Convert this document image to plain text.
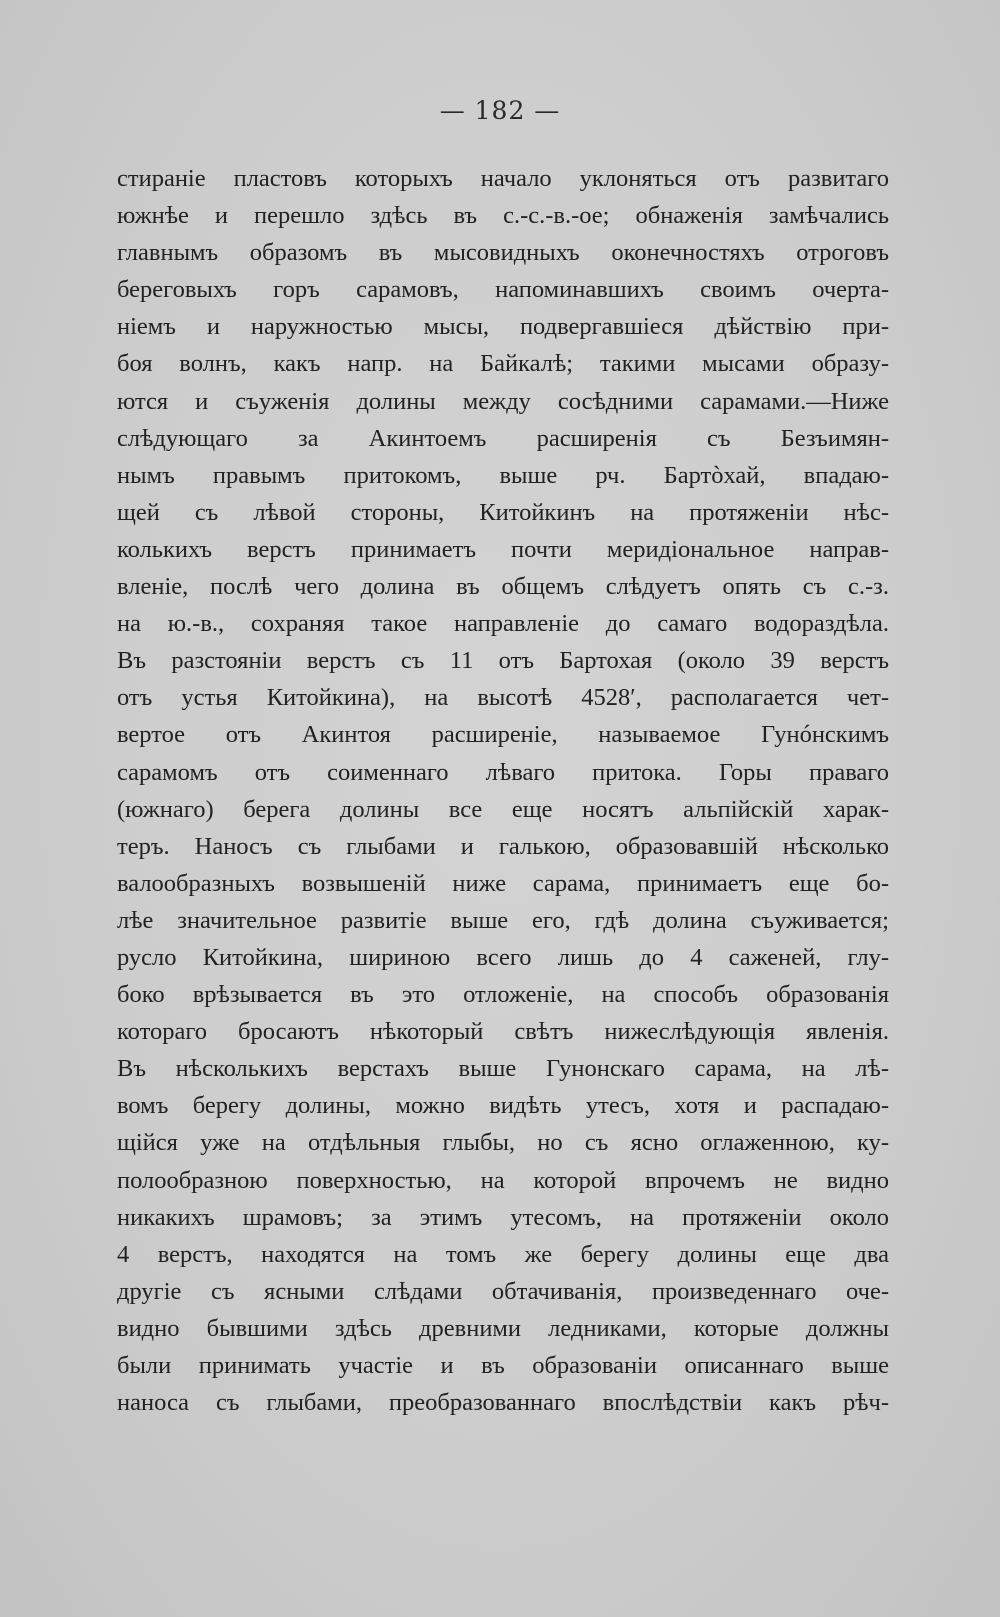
— 182 —
стираніе пластовъ которыхъ начало уклоняться отъ развитаго
южнѣе и перешло здѣсь въ с.-с.-в.-ое; обнаженія замѣчались
главнымъ образомъ въ мысовидныхъ оконечностяхъ отроговъ
береговыхъ горъ сарамовъ, напоминавшихъ своимъ очерта-
ніемъ и наружностью мысы, подвергавшіеся дѣйствію при-
боя волнъ, какъ напр. на Байкалѣ; такими мысами образу-
ются и съуженія долины между сосѣдними сарамами.—Ниже
слѣдующаго за Акинтоемъ расширенія съ Безъимян-
нымъ правымъ притокомъ, выше рч. Бартòхай, впадаю-
щей съ лѣвой стороны, Китойкинъ на протяженіи нѣс-
колькихъ верстъ принимаетъ почти меридіональное направ-
вленіе, послѣ чего долина въ общемъ слѣдуетъ опять съ с.-з.
на ю.-в., сохраняя такое направленіе до самаго водораздѣла.
Въ разстояніи верстъ съ 11 отъ Бартохая (около 39 верстъ
отъ устья Китойкина), на высотѣ 4528′, располагается чет-
вертое отъ Акинтоя расширеніе, называемое Гунóнскимъ
сарамомъ отъ соименнаго лѣваго притока. Горы праваго
(южнаго) берега долины все еще носятъ альпійскій харак-
теръ. Наносъ съ глыбами и галькою, образовавшій нѣсколько
валообразныхъ возвышеній ниже сарама, принимаетъ еще бо-
лѣе значительное развитіе выше его, гдѣ долина съуживается;
русло Китойкина, шириною всего лишь до 4 саженей, глу-
боко врѣзывается въ это отложеніе, на способъ образованія
котораго бросаютъ нѣкоторый свѣтъ нижеслѣдующія явленія.
Въ нѣсколькихъ верстахъ выше Гунонскаго сарама, на лѣ-
вомъ берегу долины, можно видѣть утесъ, хотя и распадаю-
щійся уже на отдѣльныя глыбы, но съ ясно оглаженною, ку-
полообразною поверхностью, на которой впрочемъ не видно
никакихъ шрамовъ; за этимъ утесомъ, на протяженіи около
4 верстъ, находятся на томъ же берегу долины еще два
другіе съ ясными слѣдами обтачиванія, произведеннаго оче-
видно бывшими здѣсь древними ледниками, которые должны
были принимать участіе и въ образованіи описаннаго выше
наноса съ глыбами, преобразованнаго впослѣдствіи какъ рѣч-
